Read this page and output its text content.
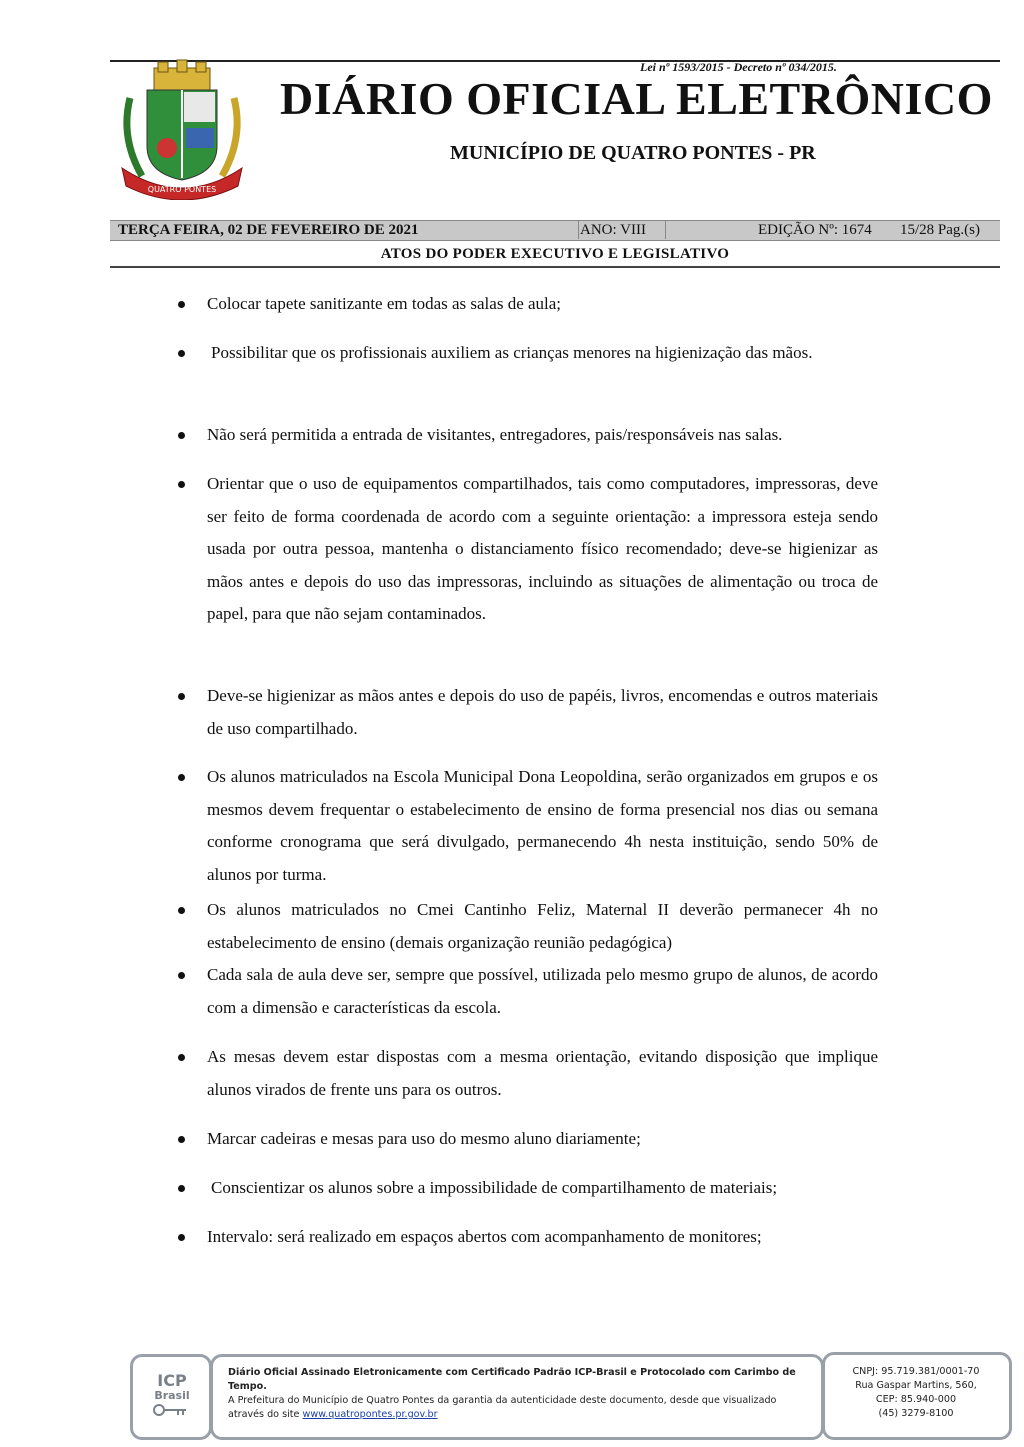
Lei nº 1593/2015 - Decreto nº 034/2015.
QUATRO PONTES
DIÁRIO OFICIAL ELETRÔNICO
MUNICÍPIO DE QUATRO PONTES - PR
TERÇA FEIRA, 02 DE FEVEREIRO DE 2021	ANO: VIII	EDIÇÃO Nº: 1674 15/28 Pag.(s)
ATOS DO PODER EXECUTIVO E LEGISLATIVO
Colocar tapete sanitizante em todas as salas de aula;
Possibilitar que os profissionais auxiliem as crianças menores na higienização das mãos.
Não será permitida a entrada de visitantes, entregadores, pais/responsáveis nas salas.
Orientar que o uso de equipamentos compartilhados, tais como computadores, impressoras, deve ser feito de forma coordenada de acordo com a seguinte orientação: a impressora esteja sendo usada por outra pessoa, mantenha o distanciamento físico recomendado; deve-se higienizar as mãos antes e depois do uso das impressoras, incluindo as situações de alimentação ou troca de papel, para que não sejam contaminados.
Deve-se higienizar as mãos antes e depois do uso de papéis, livros, encomendas e outros materiais de uso compartilhado.
Os alunos matriculados na Escola Municipal Dona Leopoldina, serão organizados em grupos e os mesmos devem frequentar o estabelecimento de ensino de forma presencial nos dias ou semana conforme cronograma que será divulgado, permanecendo 4h nesta instituição, sendo 50% de alunos por turma.
Os alunos matriculados no Cmei Cantinho Feliz, Maternal II deverão permanecer 4h no estabelecimento de ensino (demais organização reunião pedagógica)
Cada sala de aula deve ser, sempre que possível, utilizada pelo mesmo grupo de alunos, de acordo com a dimensão e características da escola.
As mesas devem estar dispostas com a mesma orientação, evitando disposição que implique alunos virados de frente uns para os outros.
Marcar cadeiras e mesas para uso do mesmo aluno diariamente;
Conscientizar os alunos sobre a impossibilidade de compartilhamento de materiais;
Intervalo: será realizado em espaços abertos com acompanhamento de monitores;
ICP
Brasil
Diário Oficial Assinado Eletronicamente com Certificado Padrão ICP-Brasil e Protocolado com Carimbo de Tempo.
A Prefeitura do Município de Quatro Pontes da garantia da autenticidade deste documento, desde que visualizado através do site www.quatropontes.pr.gov.br
CNPJ: 95.719.381/0001-70
Rua Gaspar Martins, 560,
CEP: 85.940-000
(45) 3279-8100
